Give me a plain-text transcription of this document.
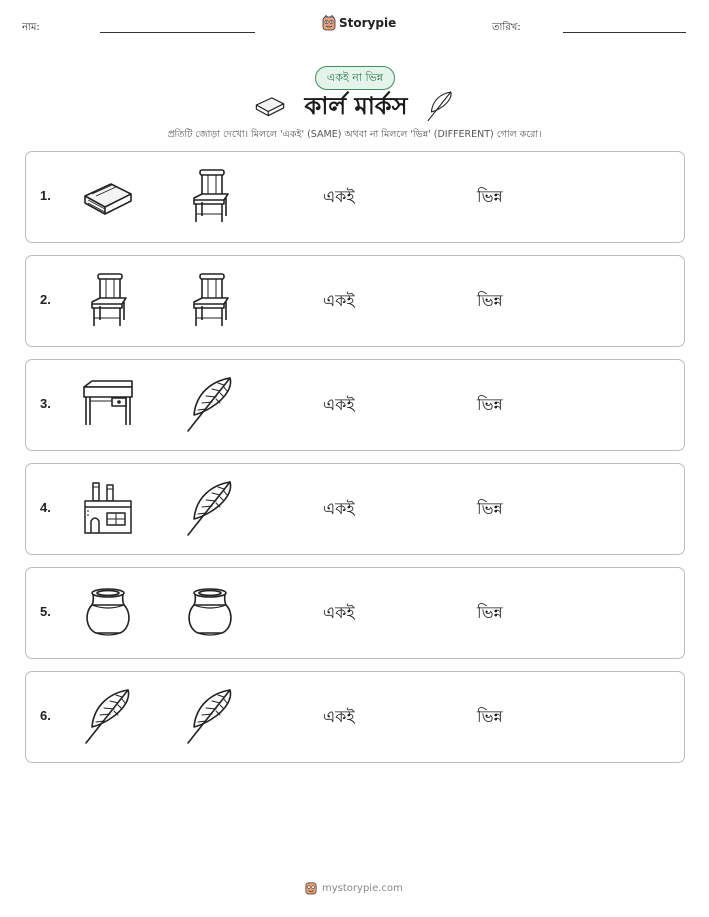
নাম:	Storypie	তারিখ:
একই না ভিন্ন
কার্ল মার্কস

প্রতিটি জোড়া দেখো। মিললে 'একই' (SAME) অথবা না মিললে 'ভিন্ন' (DIFFERENT) গোল করো।

1.	একই	ভিন্ন
2.	একই	ভিন্ন
3.	একই	ভিন্ন
4.	একই	ভিন্ন
5.	একই	ভিন্ন
6.	একই	ভিন্ন
mystorypie.com
